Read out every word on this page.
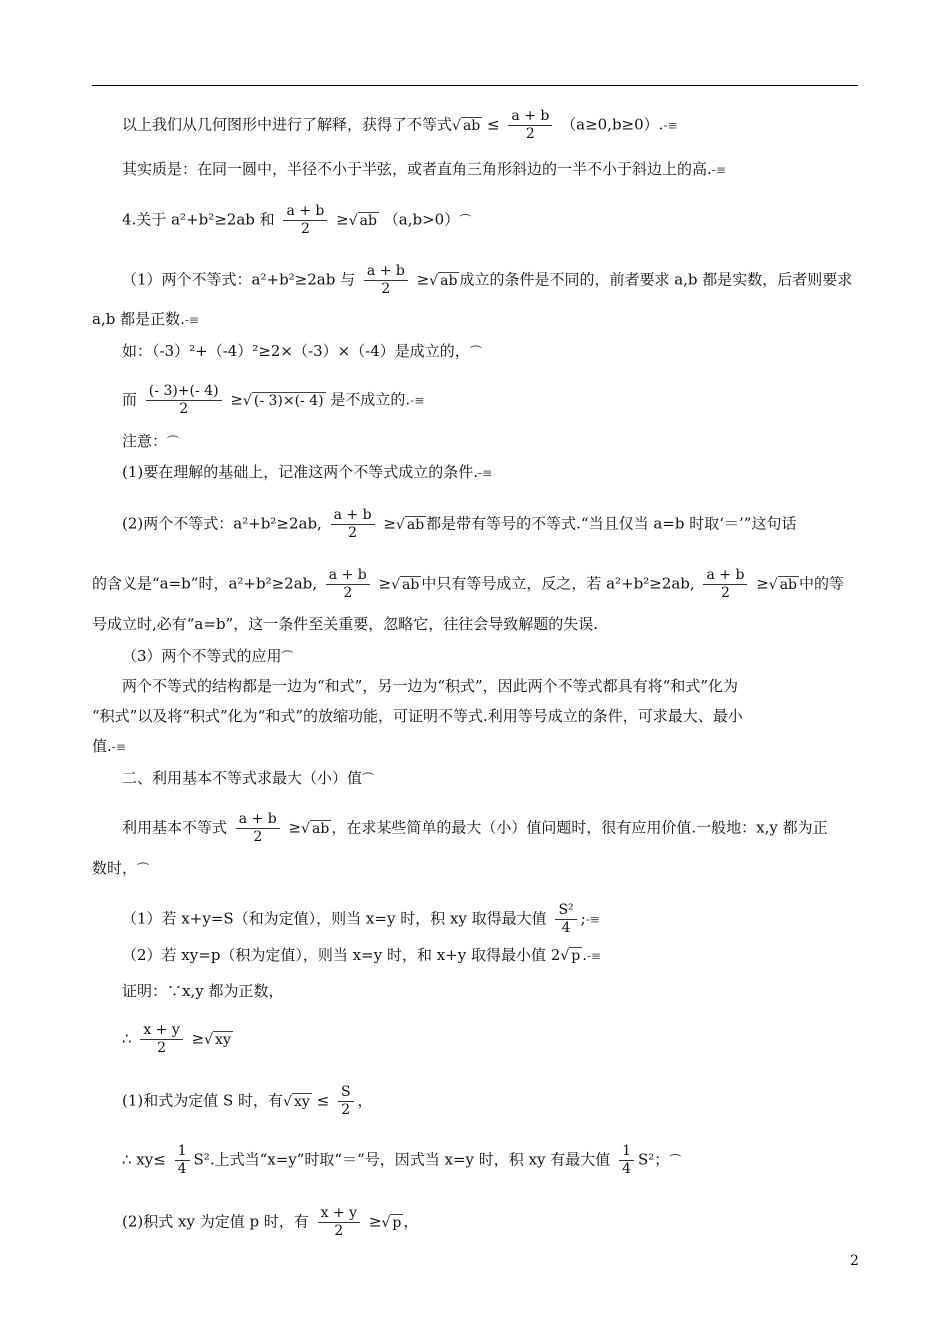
以上我们从几何图形中进行了解释，获得了不等式√ ab ≤ $\frac{a + b}{2} (a\ge 0,b\ge 0).-\equiv$
其实质是：在同一圆中，半径不小于半弦，或者直角三角形斜边的一半不小于斜边上的高.-≡
4.关于 a²+b²≥2ab 和 $\frac{a + b}{2}$ ≥√ ab （a,b>0）⏜
（1）两个不等式：a²+b²≥2ab 与 $\frac{a + b}{2}$ ≥√ ab 成立的条件是不同的，前者要求 a,b 都是实数，后者则要求
a,b 都是正数.-≡
如：（-3）²+（-4）²≥2×（-3）×（-4）是成立的，⏜
而 $\frac{(- 3)+(- 4)}{2}$ ≥√ (- 3)×(- 4) 是不成立的.-≡
注意：⏜
(1)要在理解的基础上，记准这两个不等式成立的条件.-≡
(2)两个不等式：a²+b²≥2ab, $\frac{a + b}{2}$ ≥√ ab 都是带有等号的不等式.“当且仅当 a=b 时取‘＝’”这句话
的含义是“a=b”时，a²+b²≥2ab, $\frac{a + b}{2}$ ≥√ ab 中只有等号成立，反之，若 a²+b²≥2ab, $\frac{a + b}{2}$ ≥√ ab 中的等
号成立时,必有“a=b”，这一条件至关重要，忽略它，往往会导致解题的失误.
（3）两个不等式的应用⏜
两个不等式的结构都是一边为“和式”，另一边为“积式”，因此两个不等式都具有将“和式”化为
“积式”以及将“积式”化为“和式”的放缩功能，可证明不等式.利用等号成立的条件，可求最大、最小
值.-≡
二、利用基本不等式求最大（小）值⏜
利用基本不等式 $\frac{a + b}{2}$ ≥√ ab ，在求某些简单的最大（小）值问题时，很有应用价值.一般地：x,y 都为正
数时，⏜
（1）若 x+y=S（和为定值），则当 x=y 时，积 xy 取得最大值 $\frac{\text{S²}}{4}$ ;-≡
（2）若 xy=p（积为定值），则当 x=y 时，和 x+y 取得最小值 2√ p .-≡
证明：∵x,y 都为正数，
∴ $\frac{x + y}{2}$ ≥√ xy
(1)和式为定值 S 时，有√ xy ≤ $\frac{S}{2}$ ，
∴ $xy\le \frac{1}{4} S^2$.上式当“x=y”时取“＝”号，因式当 x=y 时，积 xy 有最大值 $\frac{1}{4} S^2$；⏜
(2)积式 xy 为定值 p 时，有 $\frac{x + y}{2}$ ≥√ p ，
2
